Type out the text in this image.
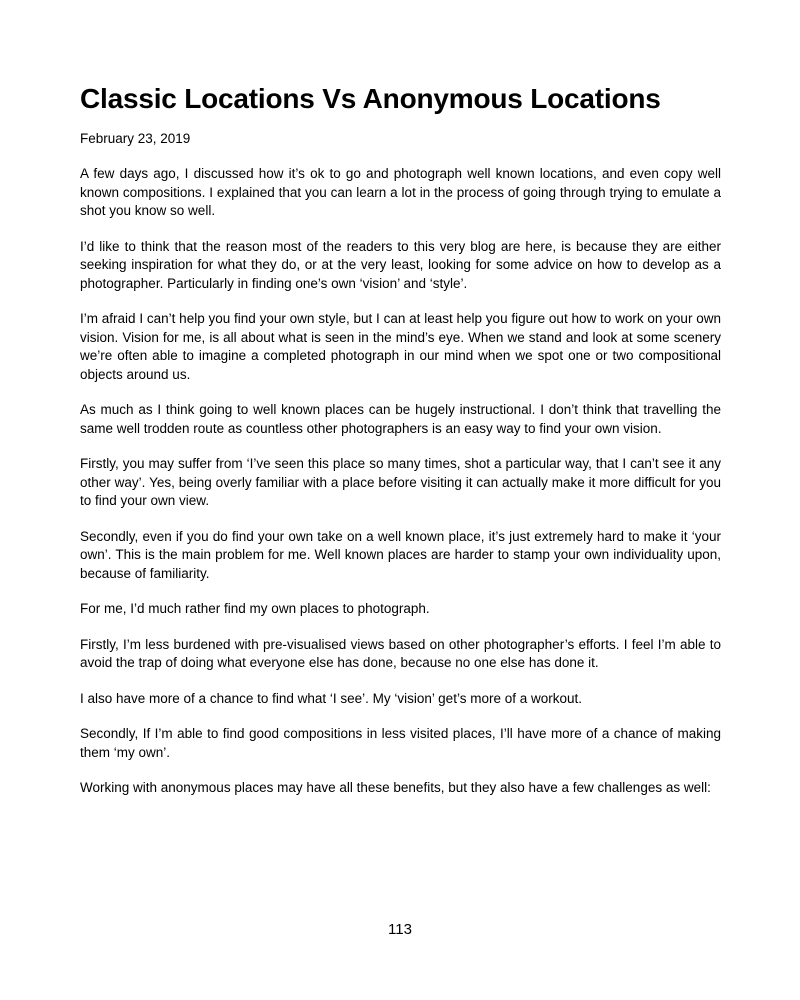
Classic Locations Vs Anonymous Locations

February 23, 2019

A few days ago, I discussed how it’s ok to go and photograph well known locations, and even copy well known compositions. I explained that you can learn a lot in the process of going through trying to emulate a shot you know so well.

I’d like to think that the reason most of the readers to this very blog are here, is because they are either seeking inspiration for what they do, or at the very least, looking for some advice on how to develop as a photographer. Particularly in finding one’s own ‘vision’ and ‘style’.

I’m afraid I can’t help you find your own style, but I can at least help you figure out how to work on your own vision. Vision for me, is all about what is seen in the mind’s eye. When we stand and look at some scenery we’re often able to imagine a completed photograph in our mind when we spot one or two compositional objects around us.

As much as I think going to well known places can be hugely instructional. I don’t think that travelling the same well trodden route as countless other photographers is an easy way to find your own vision.

Firstly, you may suffer from ‘I’ve seen this place so many times, shot a particular way, that I can’t see it any other way’. Yes, being overly familiar with a place before visiting it can actually make it more difficult for you to find your own view.

Secondly, even if you do find your own take on a well known place, it’s just extremely hard to make it ‘your own’. This is the main problem for me. Well known places are harder to stamp your own individuality upon, because of familiarity.

For me, I’d much rather find my own places to photograph.

Firstly, I’m less burdened with pre-visualised views based on other photographer’s efforts. I feel I’m able to avoid the trap of doing what everyone else has done, because no one else has done it.

I also have more of a chance to find what ‘I see’. My ‘vision’ get’s more of a workout.

Secondly, If I’m able to find good compositions in less visited places, I’ll have more of a chance of making them ‘my own’.

Working with anonymous places may have all these benefits, but they also have a few challenges as well:

113
